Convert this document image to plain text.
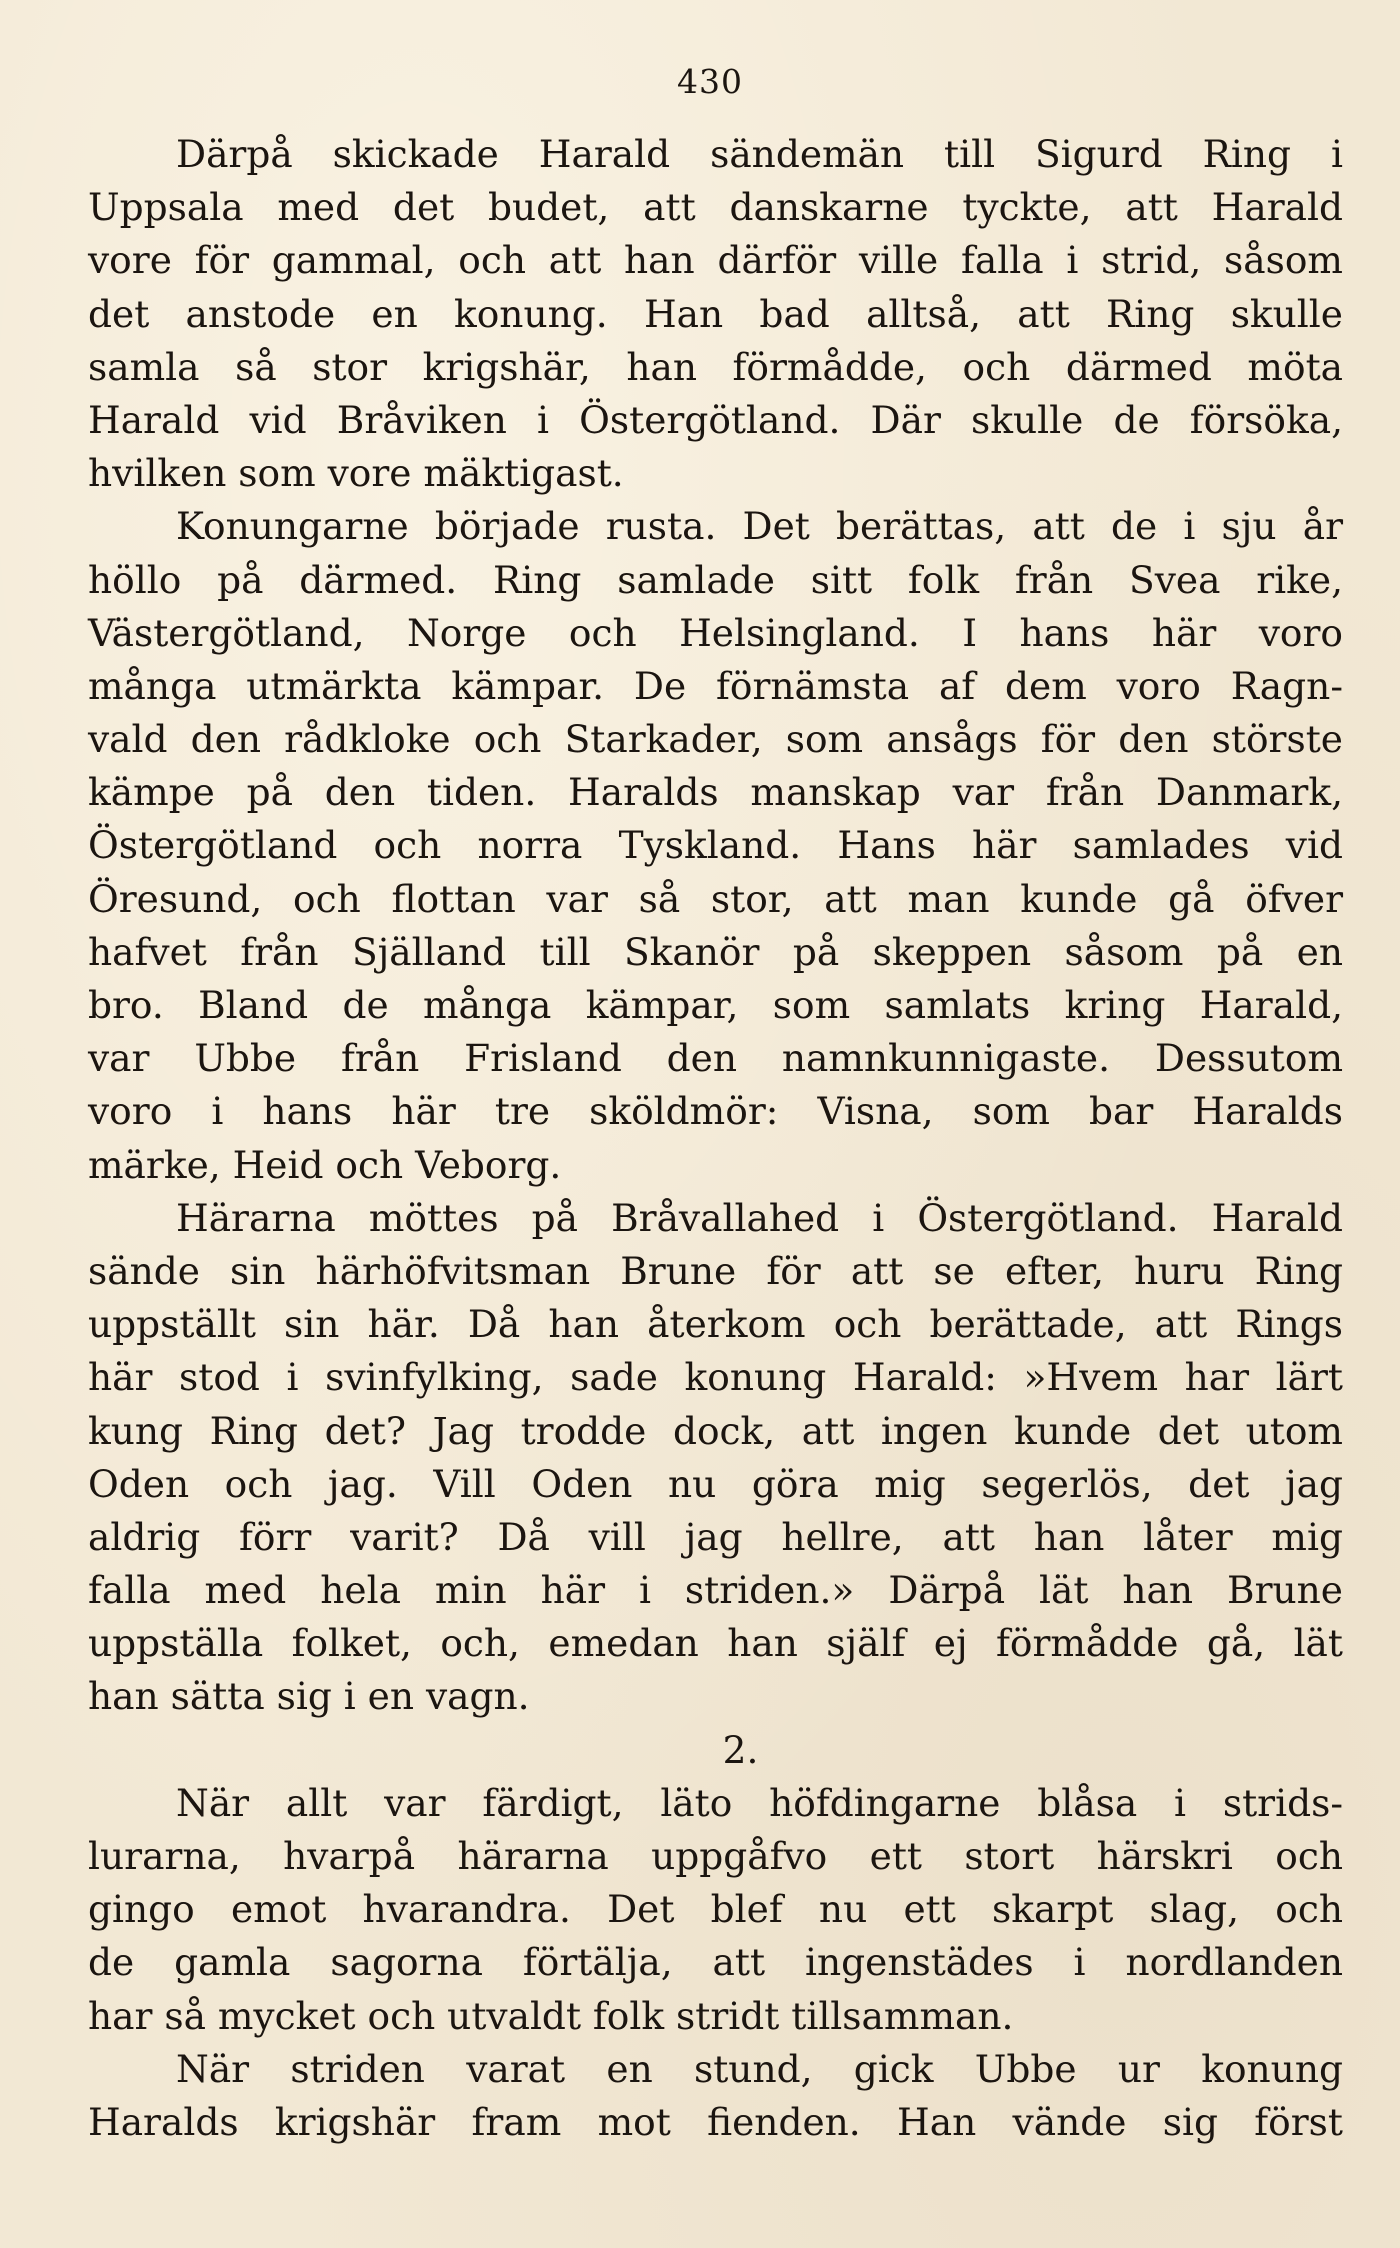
430
Därpå skickade Harald sändemän till Sigurd Ring i
Uppsala med det budet, att danskarne tyckte, att Harald
vore för gammal, och att han därför ville falla i strid, såsom
det anstode en konung. Han bad alltså, att Ring skulle
samla så stor krigshär, han förmådde, och därmed möta
Harald vid Bråviken i Östergötland. Där skulle de försöka,
hvilken som vore mäktigast.
Konungarne började rusta. Det berättas, att de i sju år
höllo på därmed. Ring samlade sitt folk från Svea rike,
Västergötland, Norge och Helsingland. I hans här voro
många utmärkta kämpar. De förnämsta af dem voro Ragn-
vald den rådkloke och Starkader, som ansågs för den störste
kämpe på den tiden. Haralds manskap var från Danmark,
Östergötland och norra Tyskland. Hans här samlades vid
Öresund, och flottan var så stor, att man kunde gå öfver
hafvet från Själland till Skanör på skeppen såsom på en
bro. Bland de många kämpar, som samlats kring Harald,
var Ubbe från Frisland den namnkunnigaste. Dessutom
voro i hans här tre sköldmör: Visna, som bar Haralds
märke, Heid och Veborg.
Härarna möttes på Bråvallahed i Östergötland. Harald
sände sin härhöfvitsman Brune för att se efter, huru Ring
uppställt sin här. Då han återkom och berättade, att Rings
här stod i svinfylking, sade konung Harald: »Hvem har lärt
kung Ring det? Jag trodde dock, att ingen kunde det utom
Oden och jag. Vill Oden nu göra mig segerlös, det jag
aldrig förr varit? Då vill jag hellre, att han låter mig
falla med hela min här i striden.» Därpå lät han Brune
uppställa folket, och, emedan han själf ej förmådde gå, lät
han sätta sig i en vagn.
2.
När allt var färdigt, läto höfdingarne blåsa i strids-
lurarna, hvarpå härarna uppgåfvo ett stort härskri och
gingo emot hvarandra. Det blef nu ett skarpt slag, och
de gamla sagorna förtälja, att ingenstädes i nordlanden
har så mycket och utvaldt folk stridt tillsamman.
När striden varat en stund, gick Ubbe ur konung
Haralds krigshär fram mot fienden. Han vände sig först
